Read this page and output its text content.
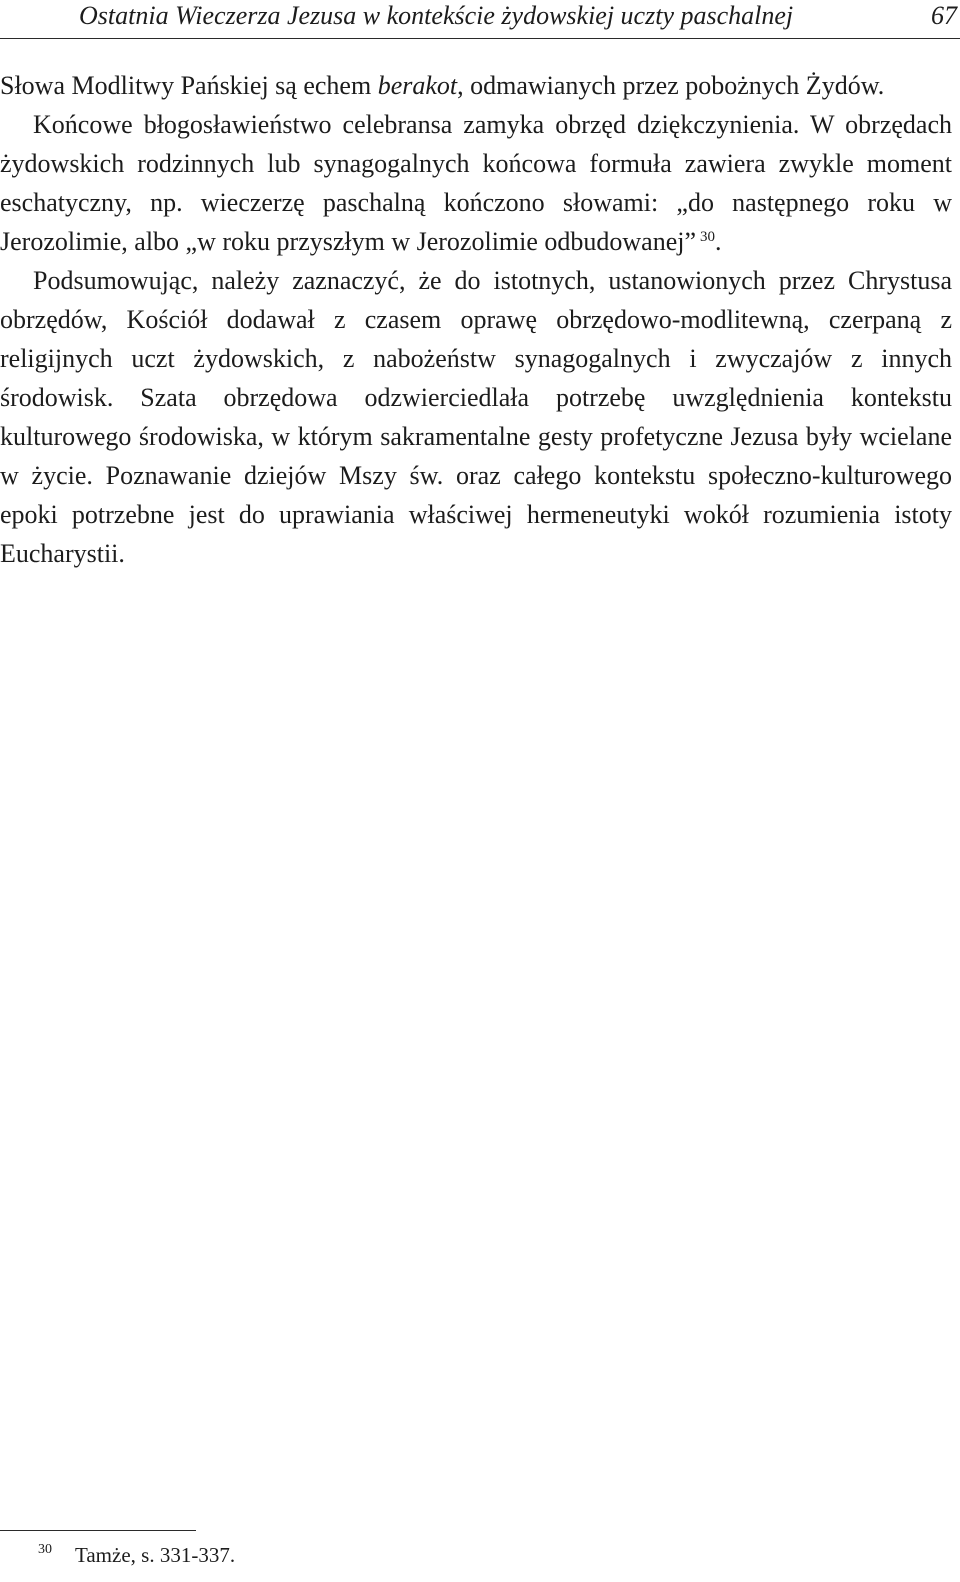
Ostatnia Wieczerza Jezusa w kontekście żydowskiej uczty paschalnej	67

Słowa Modlitwy Pańskiej są echem berakot, odmawianych przez pobożnych Żydów.

Końcowe błogosławieństwo celebransa zamyka obrzęd dziękczynienia. W obrzędach żydowskich rodzinnych lub synagogalnych końcowa formuła zawiera zwykle moment eschatyczny, np. wieczerzę paschalną kończono słowami: „do następnego roku w Jerozolimie, albo „w roku przyszłym w Jerozolimie odbudowanej” $^{30}$.

Podsumowując, należy zaznaczyć, że do istotnych, ustanowionych przez Chrystusa obrzędów, Kościół dodawał z czasem oprawę obrzędowo-modlitewną, czerpaną z religijnych uczt żydowskich, z nabożeństw synagogalnych i zwyczajów z innych środowisk. Szata obrzędowa odzwierciedlała potrzebę uwzględnienia kontekstu kulturowego środowiska, w którym sakramentalne gesty profetyczne Jezusa były wcielane w życie. Poznawanie dziejów Mszy św. oraz całego kontekstu społeczno-kulturowego epoki potrzebne jest do uprawiania właściwej hermeneutyki wokół rozumienia istoty Eucharystii.

$^{30}$ Tamże, s. 331-337.
